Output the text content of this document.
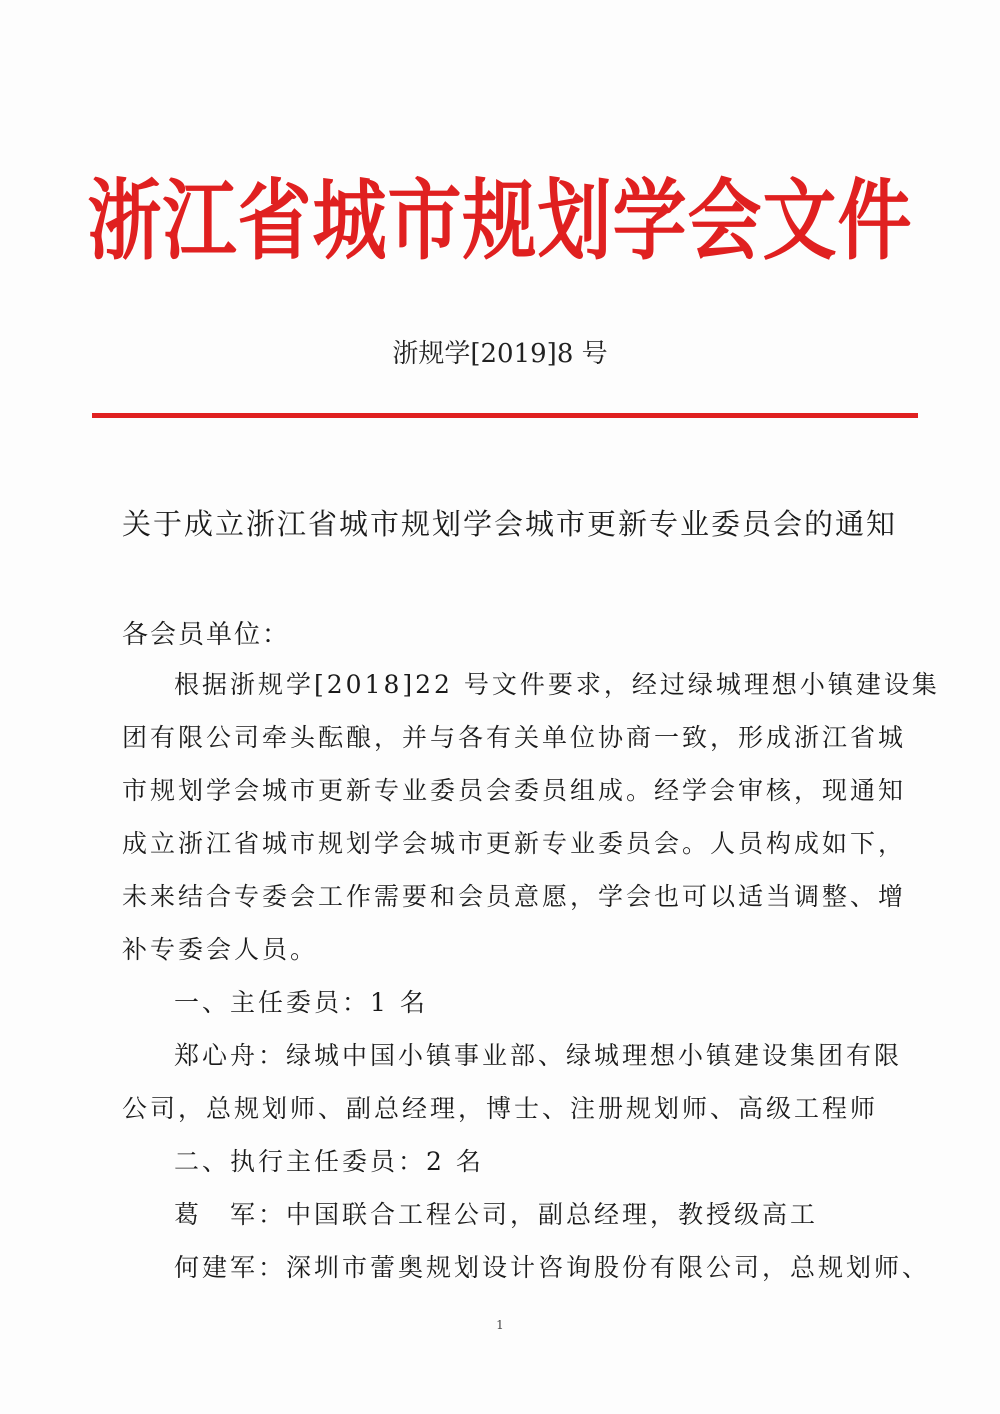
浙江省城市规划学会文件
浙规学[2019]8 号
关于成立浙江省城市规划学会城市更新专业委员会的通知
各会员单位：
根据浙规学[2018]22 号文件要求，经过绿城理想小镇建设集
团有限公司牵头酝酿，并与各有关单位协商一致，形成浙江省城
市规划学会城市更新专业委员会委员组成。经学会审核，现通知
成立浙江省城市规划学会城市更新专业委员会。人员构成如下，
未来结合专委会工作需要和会员意愿，学会也可以适当调整、增
补专委会人员。
一、主任委员：1 名
郑心舟：绿城中国小镇事业部、绿城理想小镇建设集团有限
公司，总规划师、副总经理，博士、注册规划师、高级工程师
二、执行主任委员：2 名
葛　军：中国联合工程公司，副总经理，教授级高工
何建军：深圳市蕾奥规划设计咨询股份有限公司，总规划师、
1
